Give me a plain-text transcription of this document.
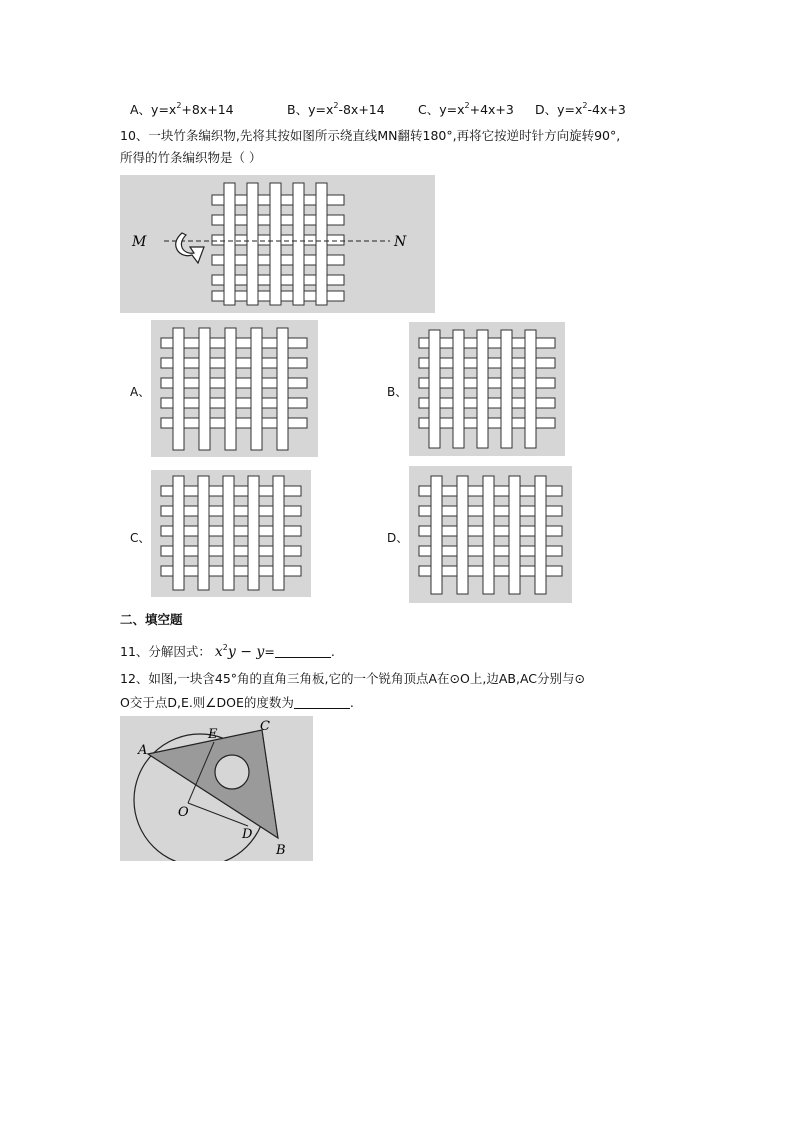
A、$y=x^2+8x+14$	B、$y=x^2-8x+14$	C、$y=x^2+4x+3$ D、$y=x^2-4x+3$
10、一块竹条编织物,先将其按如图所示绕直线MN翻转180°,再将它按逆时针方向旋转90°,
所得的竹条编织物是（ ）
M	N
A、	B、
C、	D、
二、填空题
11、分解因式： $x^2y - y=$	.
12、如图,一块含45°角的直角三角板,它的一个锐角顶点A在⊙O上,边AB,AC分别与⊙
O交于点D,E.则∠DOE的度数为	.
A
E
C
O
D
B
